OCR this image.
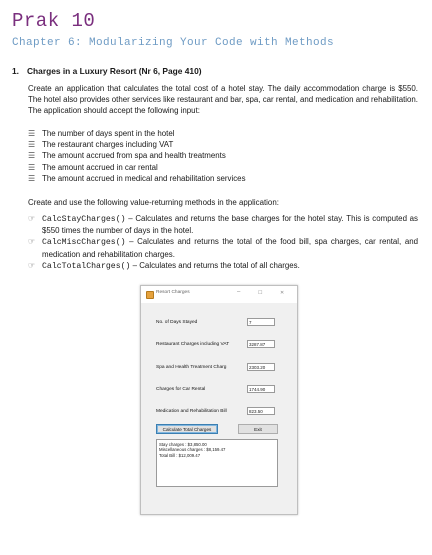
Prak 10
Chapter 6: Modularizing Your Code with Methods
1. Charges in a Luxury Resort (Nr 6, Page 410)
Create an application that calculates the total cost of a hotel stay. The daily accommodation charge is $550. The hotel also provides other services like restaurant and bar, spa, car rental, and medication and rehabilitation. The application should accept the following input:
☰ The number of days spent in the hotel
☰ The restaurant charges including VAT
☰ The amount accrued from spa and health treatments
☰ The amount accrued in car rental
☰ The amount accrued in medical and rehabilitation services
Create and use the following value-returning methods in the application:
☞ CalcStayCharges() – Calculates and returns the base charges for the hotel stay. This is computed as $550 times the number of days in the hotel.
☞ CalcMiscCharges() – Calculates and returns the total of the food bill, spa charges, car rental, and medication and rehabilitation charges.
☞ CalcTotalCharges() – Calculates and returns the total of all charges.
Resort Charges	–	☐	✕
No. of Days Stayed	7
Restaurant Charges including VAT	3287.87
Spa and Health Treatment Charg	2303.20
Charges for Car Rental	1744.90
Medication and Rehabilitation Bill	823.50
Calculate Total Charges	Exit
Stay charges : $3,850.00
Miscellaneous charges : $8,159.47
Total Bill : $12,009.47
